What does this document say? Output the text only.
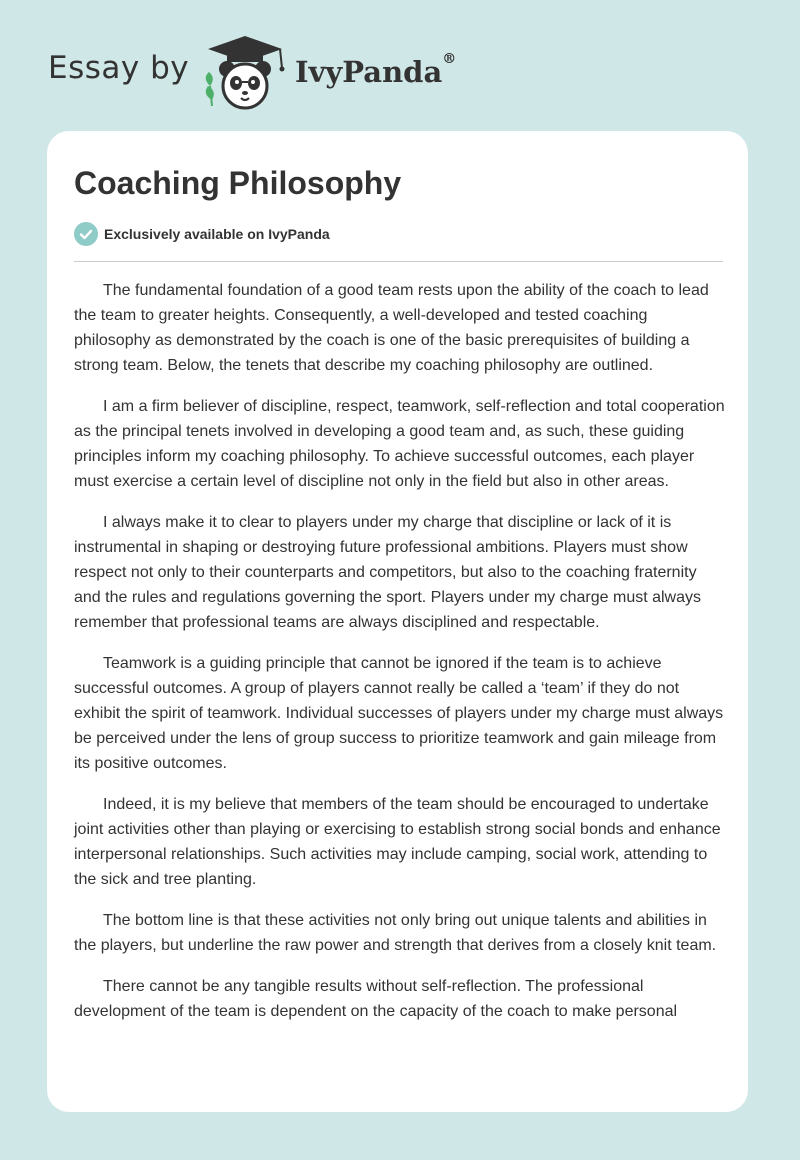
Essay by	IvyPanda®
Coaching Philosophy
Exclusively available on IvyPanda

The fundamental foundation of a good team rests upon the ability of the coach to lead the team to greater heights. Consequently, a well-developed and tested coaching philosophy as demonstrated by the coach is one of the basic prerequisites of building a strong team. Below, the tenets that describe my coaching philosophy are outlined.

I am a firm believer of discipline, respect, teamwork, self-reflection and total cooperation as the principal tenets involved in developing a good team and, as such, these guiding principles inform my coaching philosophy. To achieve successful outcomes, each player must exercise a certain level of discipline not only in the field but also in other areas.

I always make it to clear to players under my charge that discipline or lack of it is instrumental in shaping or destroying future professional ambitions. Players must show respect not only to their counterparts and competitors, but also to the coaching fraternity and the rules and regulations governing the sport. Players under my charge must always remember that professional teams are always disciplined and respectable.

Teamwork is a guiding principle that cannot be ignored if the team is to achieve successful outcomes. A group of players cannot really be called a ‘team’ if they do not exhibit the spirit of teamwork. Individual successes of players under my charge must always be perceived under the lens of group success to prioritize teamwork and gain mileage from its positive outcomes.

Indeed, it is my believe that members of the team should be encouraged to undertake joint activities other than playing or exercising to establish strong social bonds and enhance interpersonal relationships. Such activities may include camping, social work, attending to the sick and tree planting.

The bottom line is that these activities not only bring out unique talents and abilities in the players, but underline the raw power and strength that derives from a closely knit team.

There cannot be any tangible results without self-reflection. The professional development of the team is dependent on the capacity of the coach to make personal
